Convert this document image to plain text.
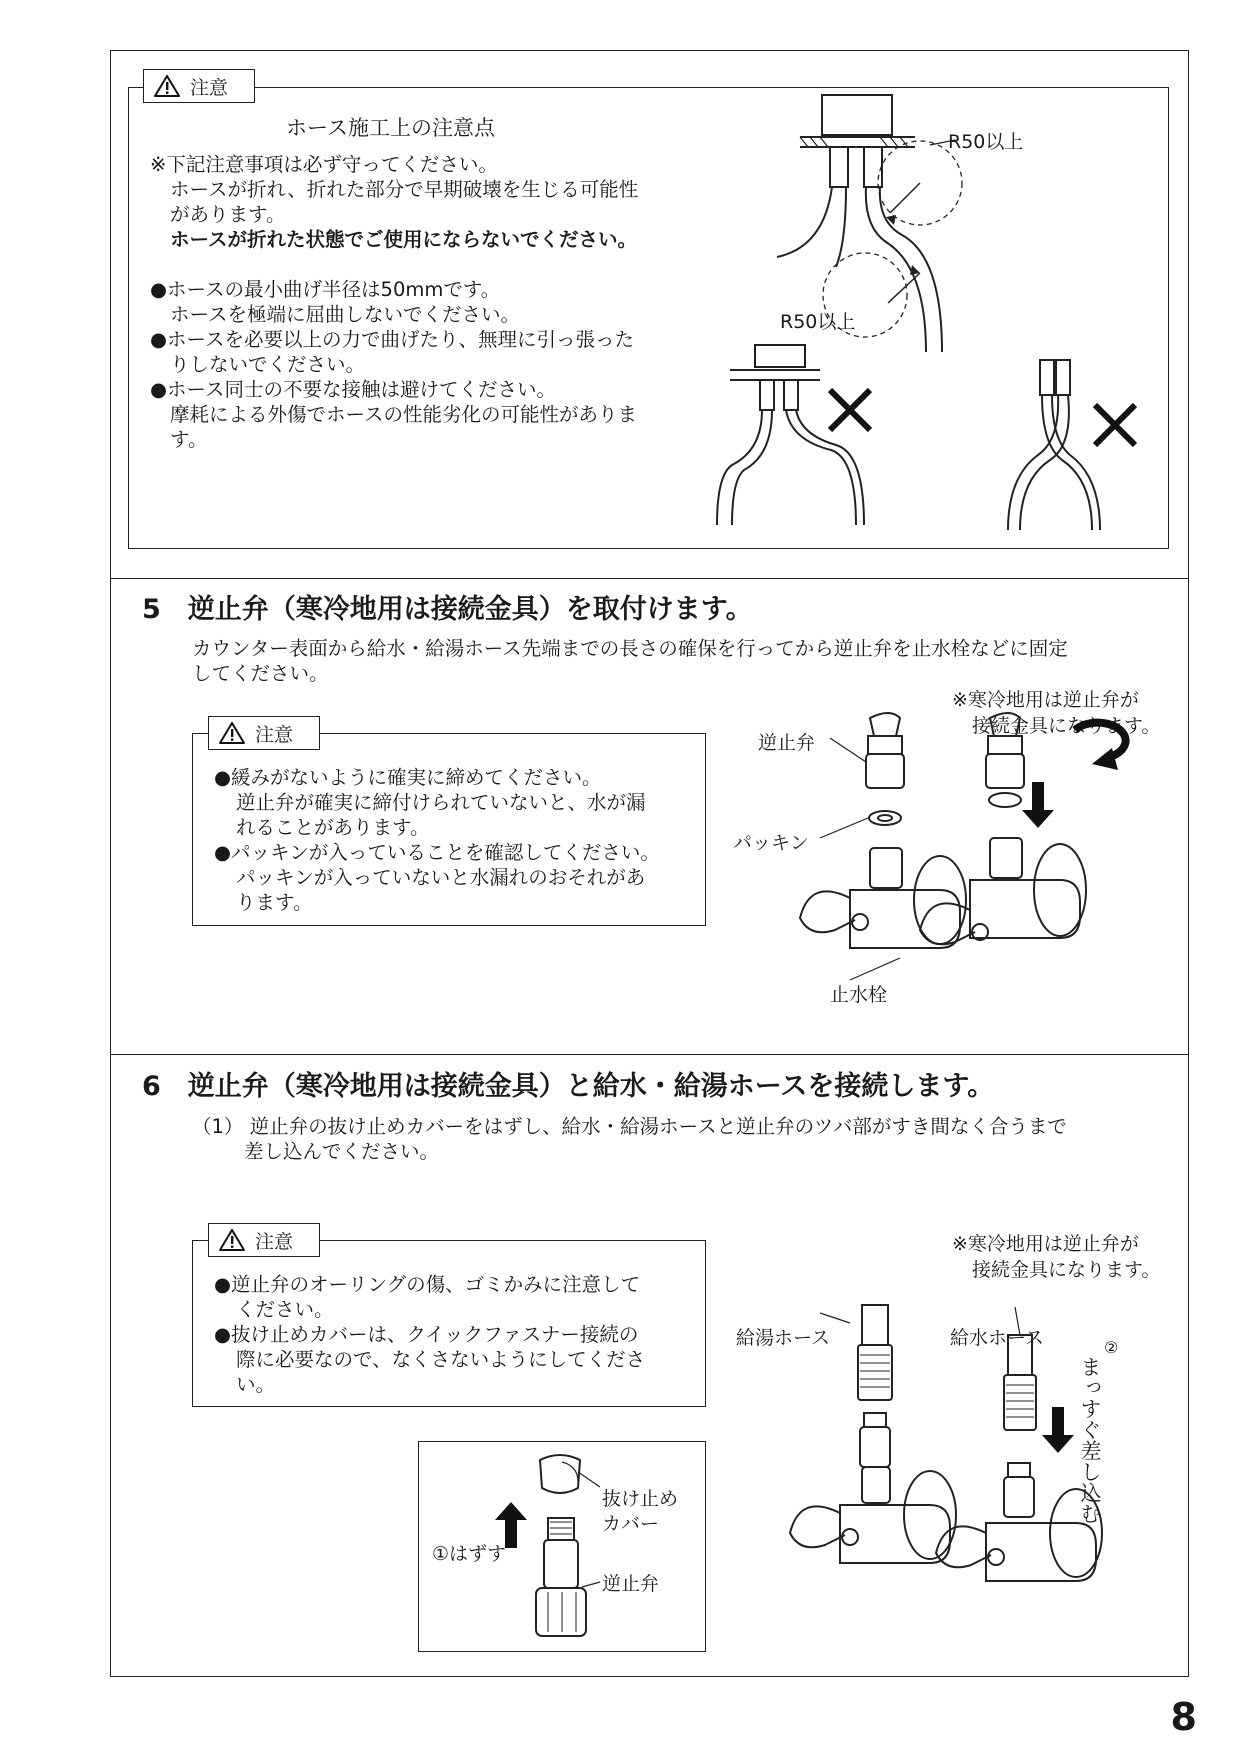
注意
ホース施工上の注意点
※下記注意事項は必ず守ってください。
ホースが折れ、折れた部分で早期破壊を生じる可能性
があります。
ホースが折れた状態でご使用にならないでください。
●ホースの最小曲げ半径は50mmです。
ホースを極端に屈曲しないでください。
●ホースを必要以上の力で曲げたり、無理に引っ張った
りしないでください。
●ホース同士の不要な接触は避けてください。
摩耗による外傷でホースの性能劣化の可能性がありま
す。
R50以上
R50以上
5　逆止弁（寒冷地用は接続金具）を取付けます。
カウンター表面から給水・給湯ホース先端までの長さの確保を行ってから逆止弁を止水栓などに固定
してください。
注意
●緩みがないように確実に締めてください。
逆止弁が確実に締付けられていないと、水が漏
れることがあります。
●パッキンが入っていることを確認してください。
パッキンが入っていないと水漏れのおそれがあ
ります。
※寒冷地用は逆止弁が
接続金具になります。
逆止弁
パッキン
止水栓
6　逆止弁（寒冷地用は接続金具）と給水・給湯ホースを接続します。
（1） 逆止弁の抜け止めカバーをはずし、給水・給湯ホースと逆止弁のツバ部がすき間なく合うまで
差し込んでください。
注意
●逆止弁のオーリングの傷、ゴミかみに注意して
ください。
●抜け止めカバーは、クイックファスナー接続の
際に必要なので、なくさないようにしてくださ
い。
※寒冷地用は逆止弁が
接続金具になります。
給湯ホース	給水ホース	②
まっすぐ差し込む
抜け止め
カバー
①はずす
逆止弁
8
